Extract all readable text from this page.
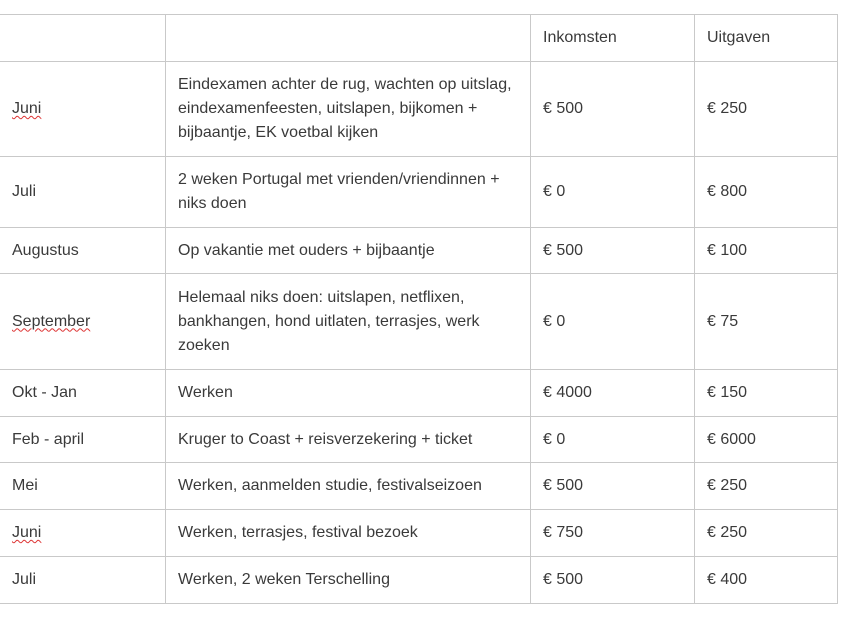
		Inkomsten	Uitgaven
Juni	Eindexamen achter de rug, wachten op uitslag, eindexamenfeesten, uitslapen, bijkomen + bijbaantje, EK voetbal kijken	€ 500	€ 250
Juli	2 weken Portugal met vrienden/vriendinnen + niks doen	€ 0	€ 800
Augustus	Op vakantie met ouders + bijbaantje	€ 500	€ 100
September	Helemaal niks doen: uitslapen, netflixen, bankhangen, hond uitlaten, terrasjes, werk zoeken	€ 0	€ 75
Okt - Jan	Werken	€ 4000	€ 150
Feb - april	Kruger to Coast + reisverzekering + ticket	€ 0	€ 6000
Mei	Werken, aanmelden studie, festivalseizoen	€ 500	€ 250
Juni	Werken, terrasjes, festival bezoek	€ 750	€ 250
Juli	Werken, 2 weken Terschelling	€ 500	€ 400
